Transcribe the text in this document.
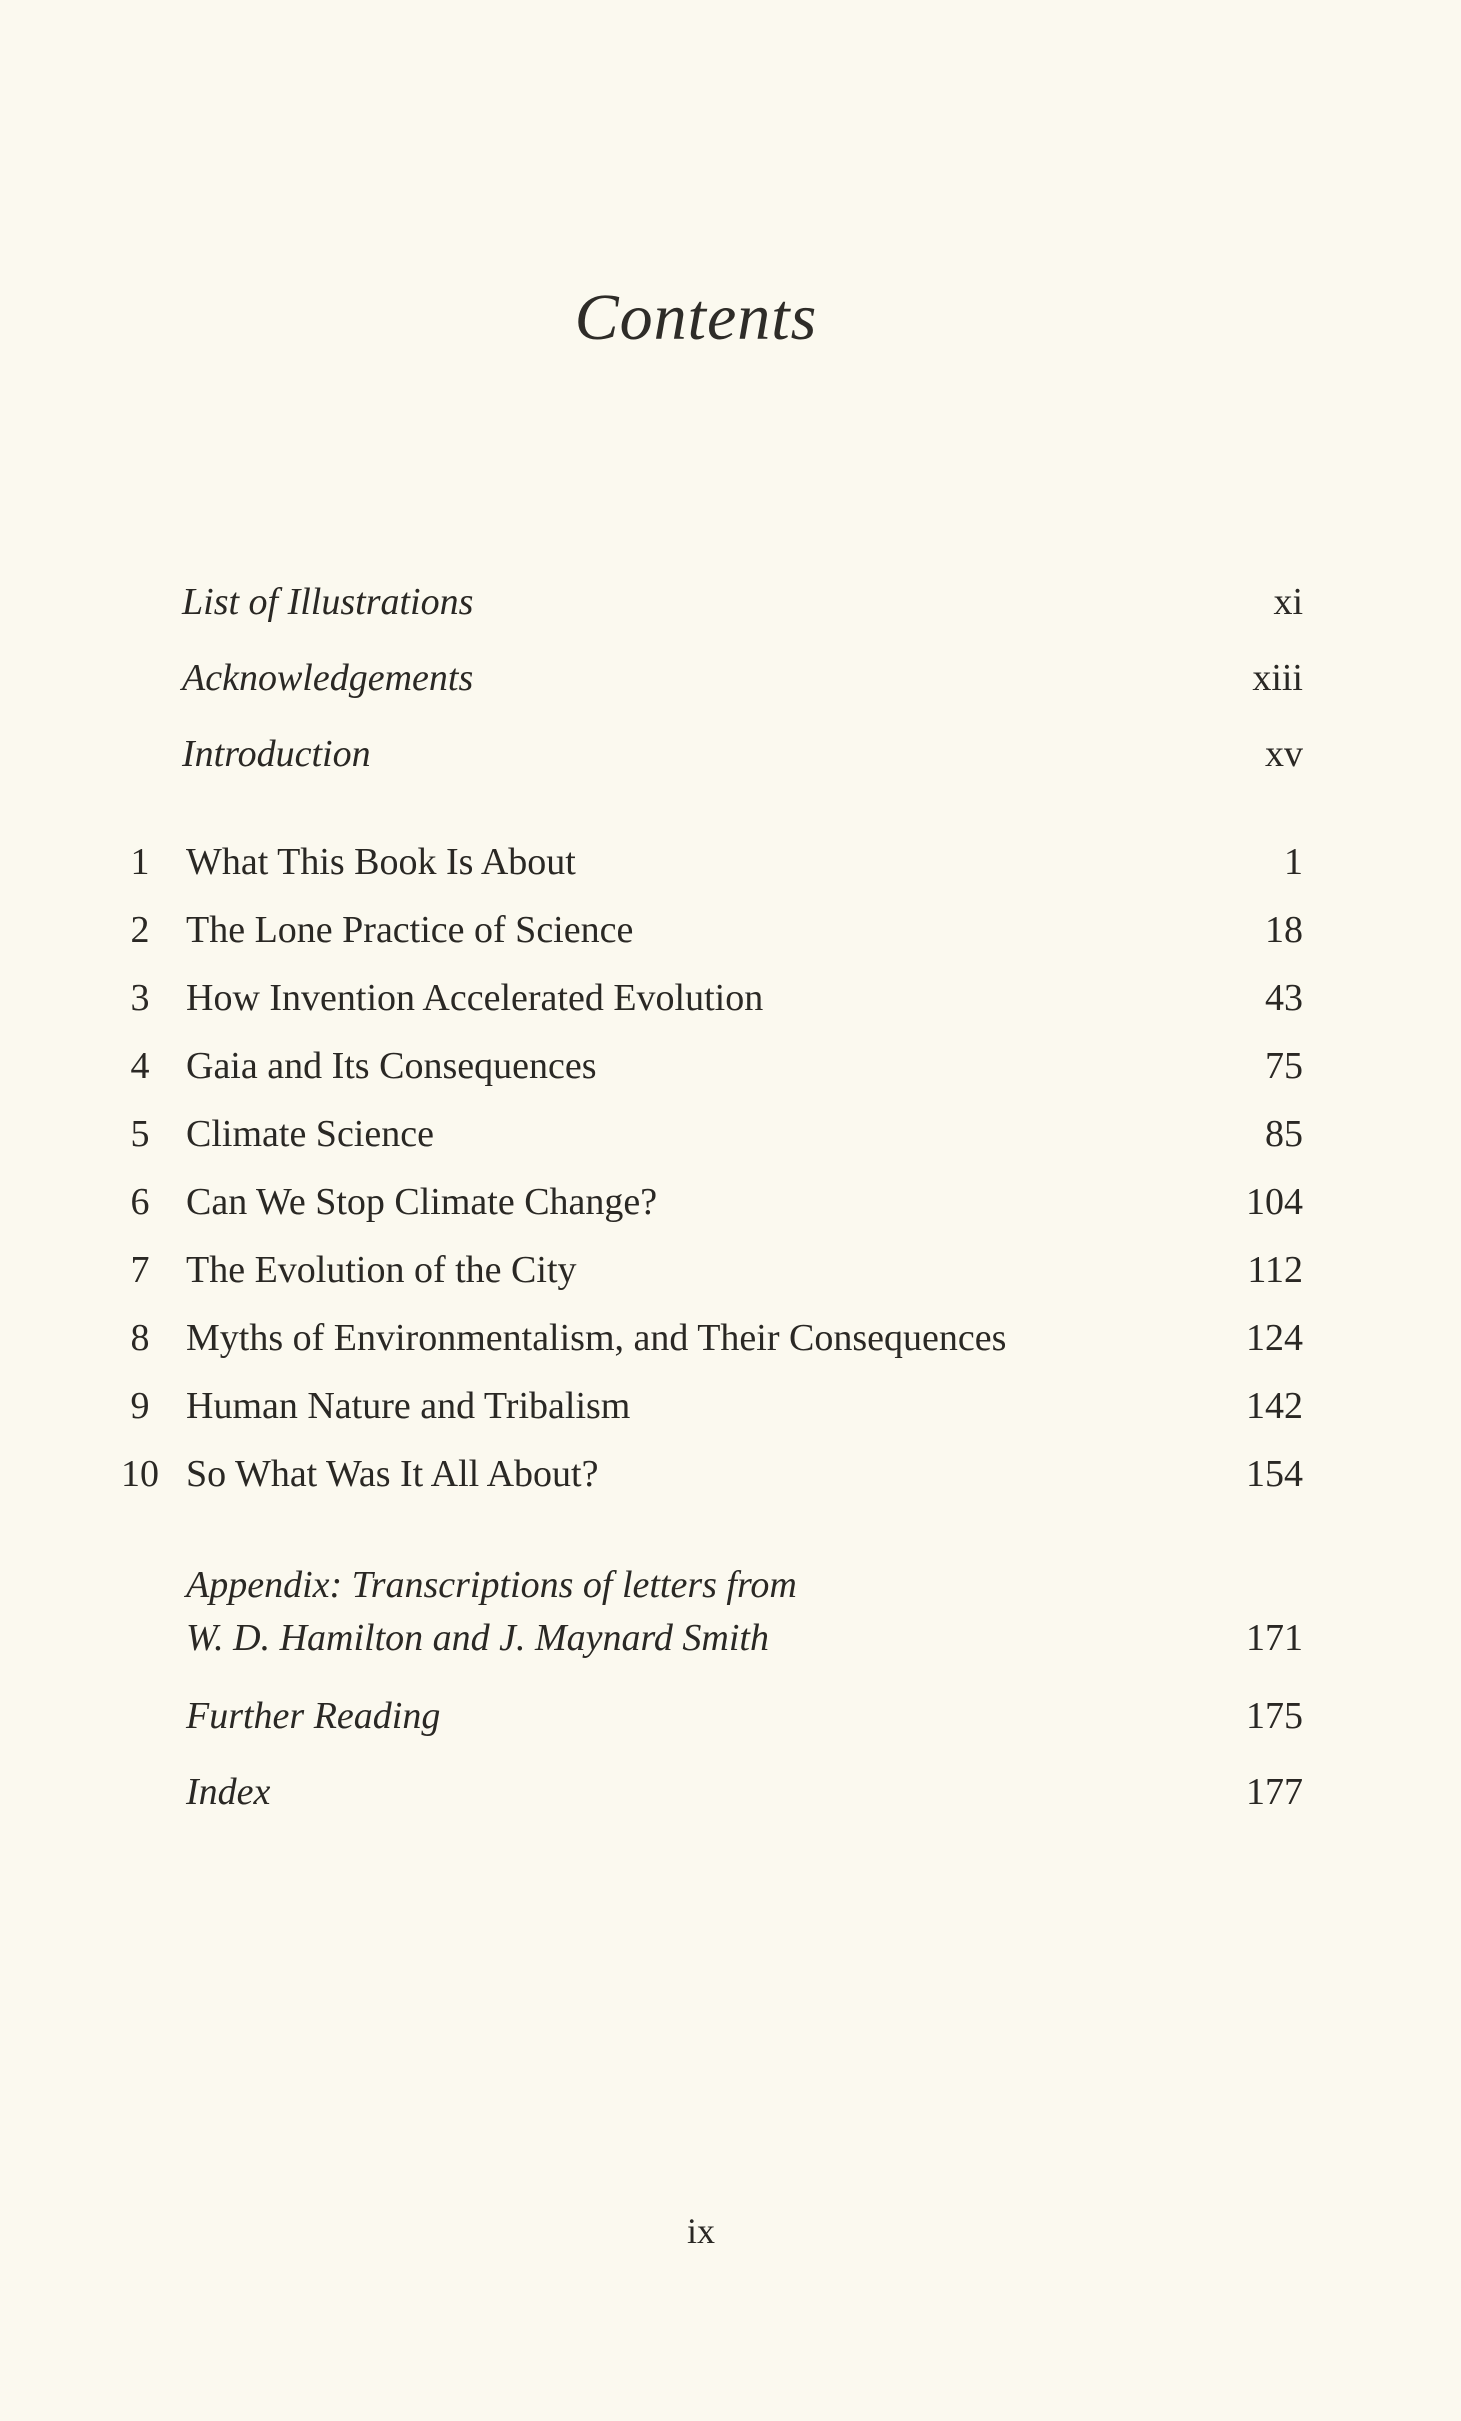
Contents
List of Illustrations	xi
Acknowledgements	xiii
Introduction	xv
1 What This Book Is About	1
2 The Lone Practice of Science	18
3 How Invention Accelerated Evolution	43
4 Gaia and Its Consequences	75
5 Climate Science	85
6 Can We Stop Climate Change?	104
7 The Evolution of the City	112
8 Myths of Environmentalism, and Their Consequences	124
9 Human Nature and Tribalism	142
10 So What Was It All About?	154
Appendix: Transcriptions of letters from
W. D. Hamilton and J. Maynard Smith	171
Further Reading	175
Index	177
ix
